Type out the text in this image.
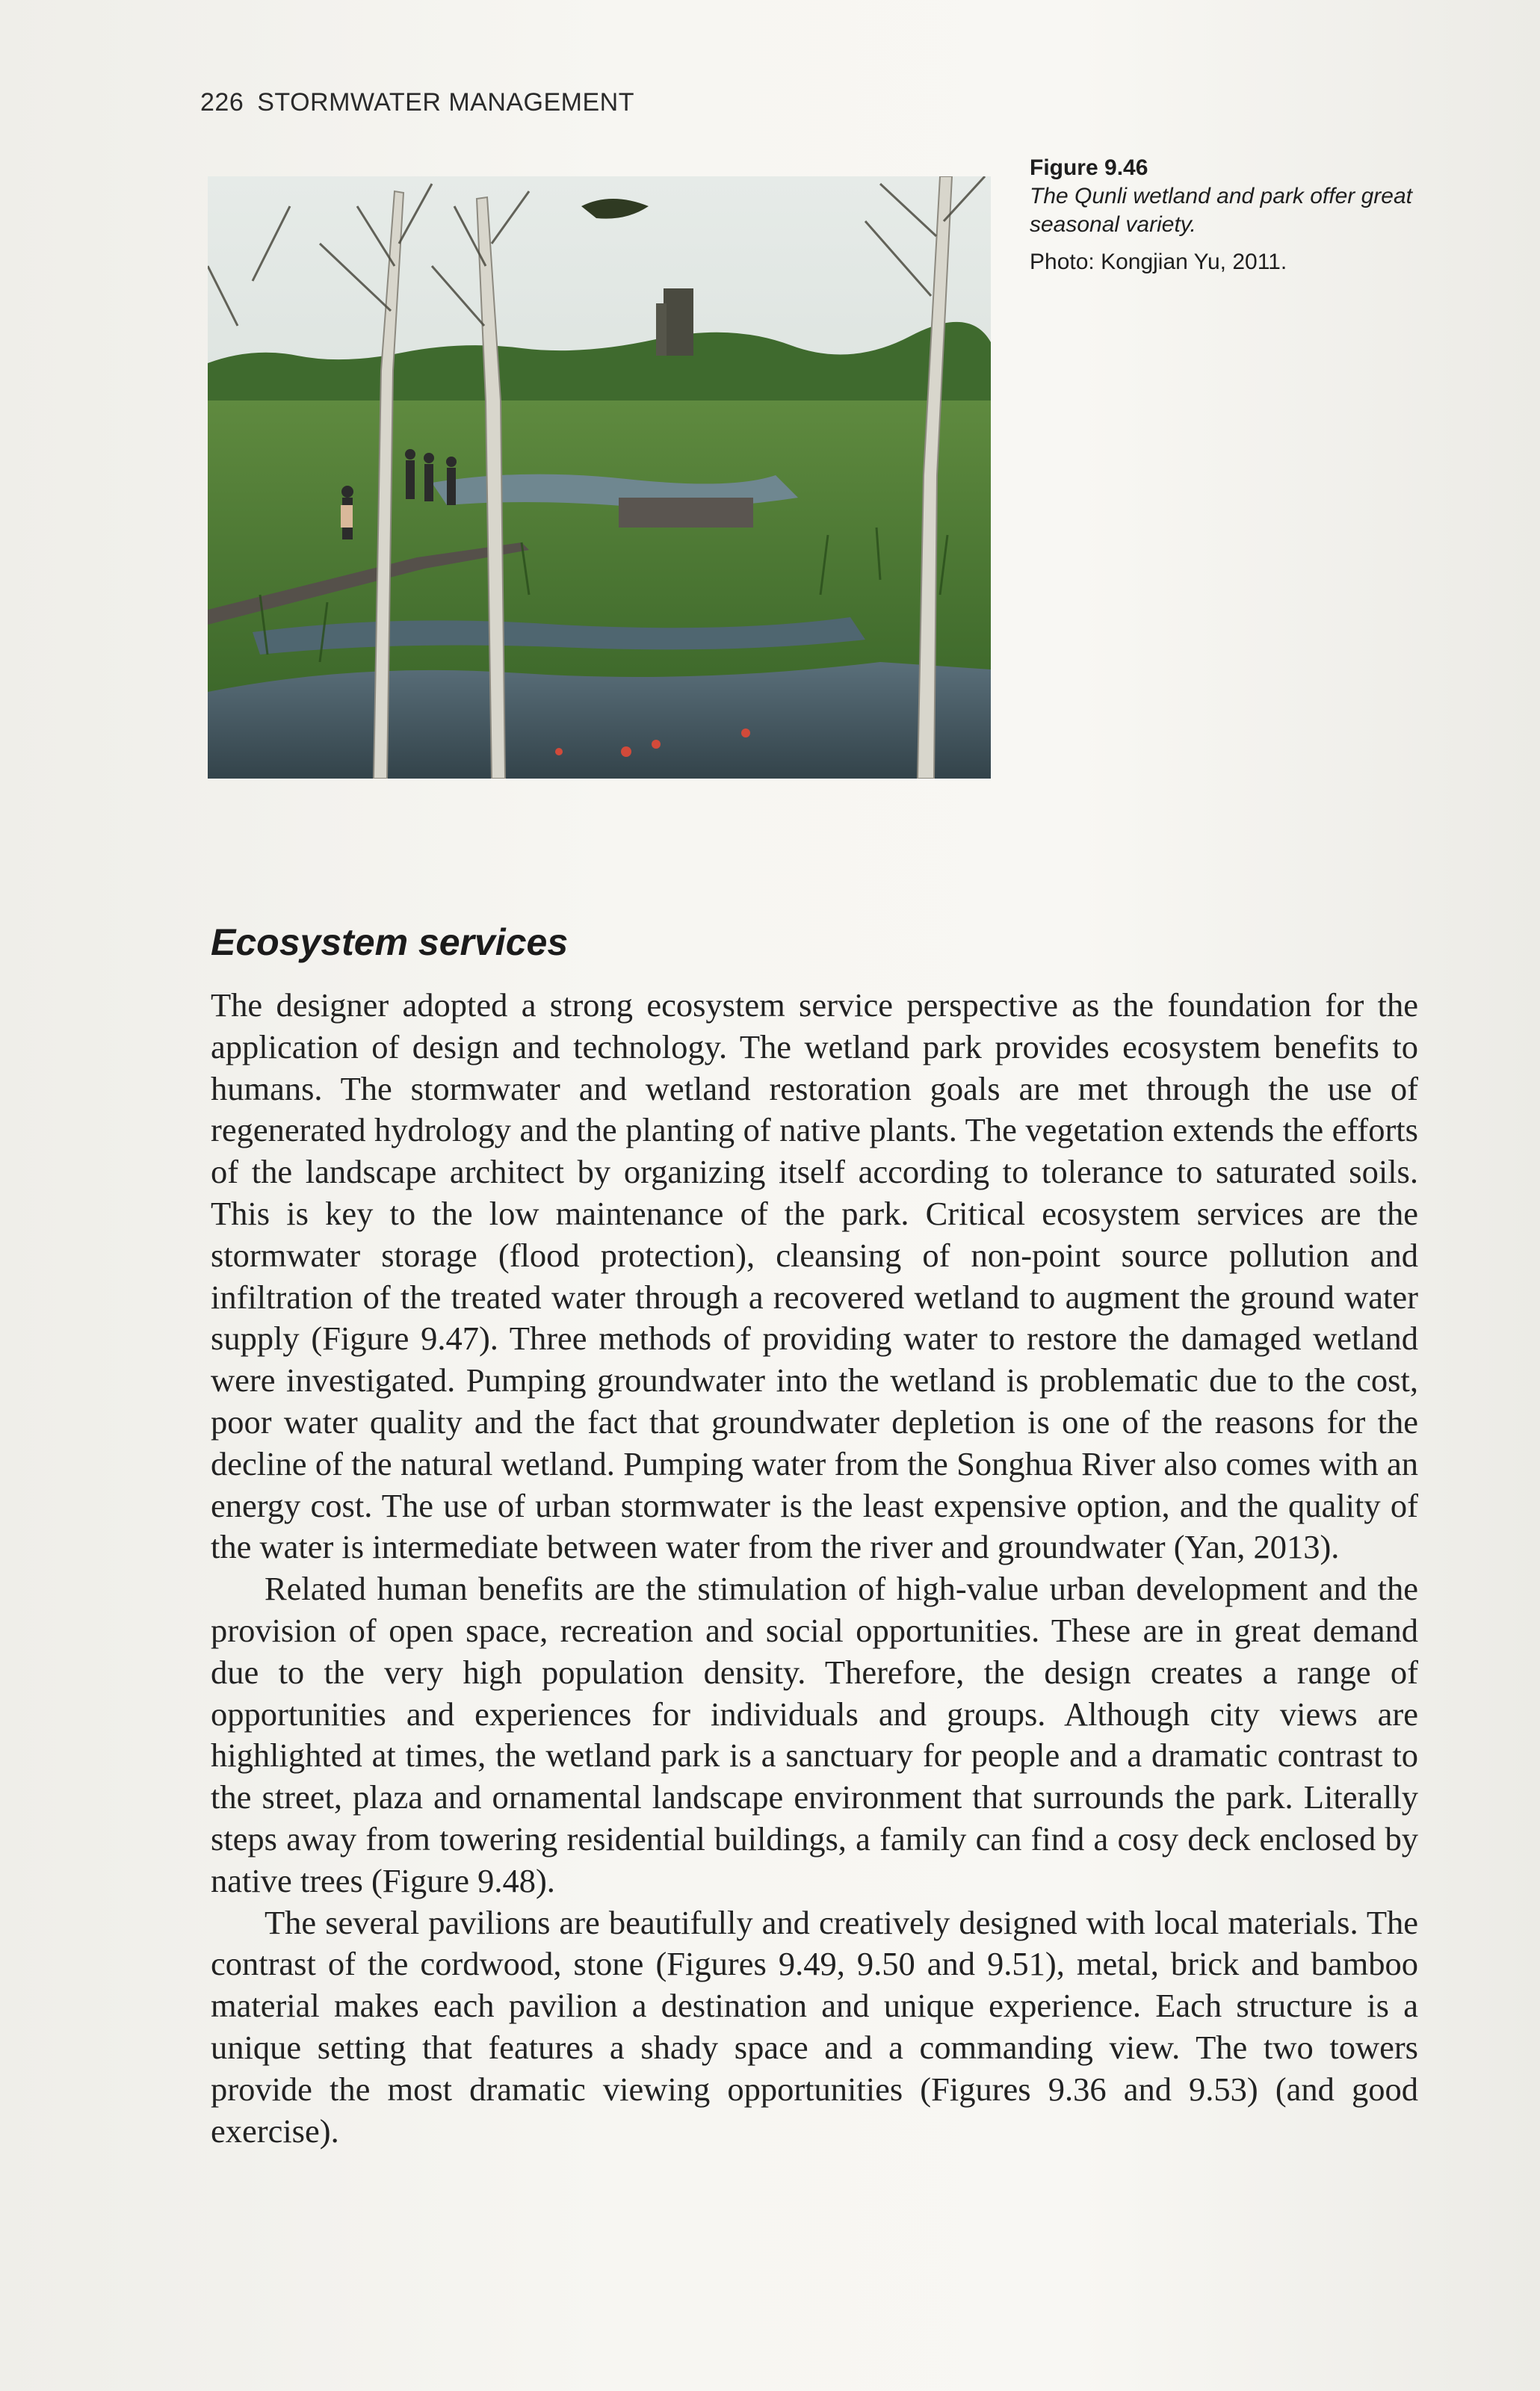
226 STORMWATER MANAGEMENT
Figure 9.46
The Qunli wetland and park offer great seasonal variety.
Photo: Kongjian Yu, 2011.
Ecosystem services

The designer adopted a strong ecosystem service perspective as the foundation for the application of design and technology. The wetland park provides ecosystem benefits to humans. The stormwater and wetland restoration goals are met through the use of regenerated hydrology and the planting of native plants. The vegetation extends the efforts of the landscape architect by organizing itself according to tolerance to saturated soils. This is key to the low maintenance of the park. Critical ecosystem services are the stormwater storage (flood protection), cleansing of non-point source pollution and infiltration of the treated water through a recovered wetland to augment the ground water supply (Figure 9.47). Three methods of providing water to restore the damaged wetland were investigated. Pumping groundwater into the wetland is problematic due to the cost, poor water quality and the fact that groundwater depletion is one of the reasons for the decline of the natural wetland. Pumping water from the Songhua River also comes with an energy cost. The use of urban stormwater is the least expensive option, and the quality of the water is intermediate between water from the river and groundwater (Yan, 2013).

Related human benefits are the stimulation of high-value urban development and the provision of open space, recreation and social opportunities. These are in great demand due to the very high population density. Therefore, the design creates a range of opportunities and experiences for individuals and groups. Although city views are highlighted at times, the wetland park is a sanctuary for people and a dramatic contrast to the street, plaza and ornamental landscape environment that surrounds the park. Literally steps away from towering residential buildings, a family can find a cosy deck enclosed by native trees (Figure 9.48).

The several pavilions are beautifully and creatively designed with local materials. The contrast of the cordwood, stone (Figures 9.49, 9.50 and 9.51), metal, brick and bamboo material makes each pavilion a destination and unique experience. Each structure is a unique setting that features a shady space and a commanding view. The two towers provide the most dramatic viewing opportunities (Figures 9.36 and 9.53) (and good exercise).
